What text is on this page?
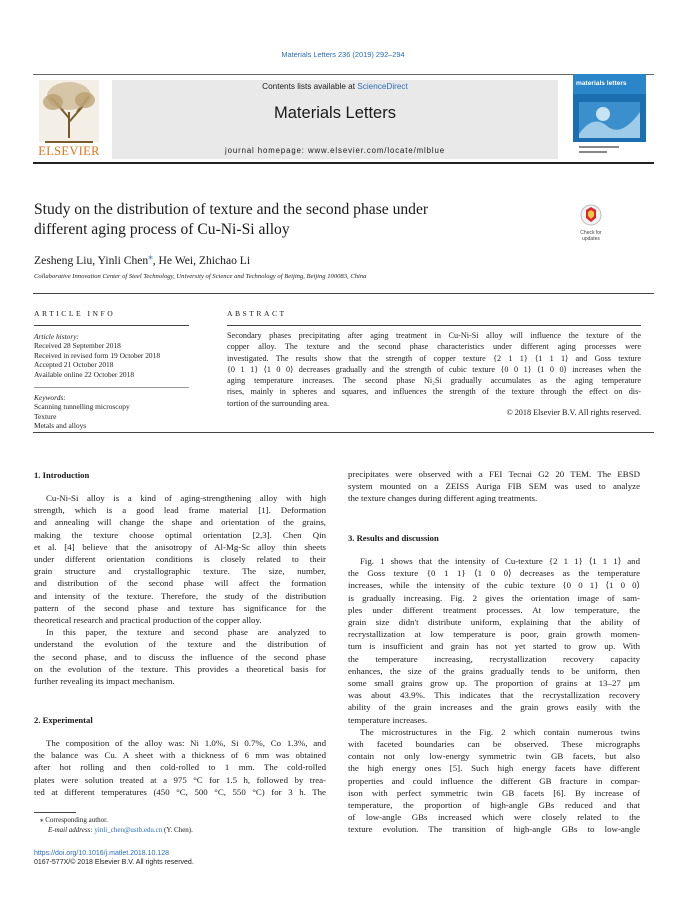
Materials Letters 236 (2019) 292–294
ELSEVIER
Contents lists available at ScienceDirect
Materials Letters
journal homepage: www.elsevier.com/locate/mlblue
materials letters
Study on the distribution of texture and the second phase under
different aging process of Cu-Ni-Si alloy	Check for
updates
Zesheng Liu, Yinli Chen⁎, He Wei, Zhichao Li
Collaborative Innovation Center of Steel Technology, University of Science and Technology of Beijing, Beijing 100083, China
ARTICLE INFO
Article history:
Received 28 September 2018
Received in revised form 19 October 2018
Accepted 21 October 2018
Available online 22 October 2018
Keywords:
Scanning tunnelling microscopy
Texture
Metals and alloys
ABSTRACT
Secondary phases precipitating after aging treatment in Cu-Ni-Si alloy will influence the texture of the
copper alloy. The texture and the second phase characteristics under different aging processes were
investigated. The results show that the strength of copper texture {2 1 1} ⟨1 1 1⟩ and Goss texture
{0 1 1} ⟨1 0 0⟩ decreases gradually and the strength of cubic texture {0 0 1} ⟨1 0 0⟩ increases when the
aging temperature increases. The second phase Ni₂Si gradually accumulates as the aging temperature
rises, mainly in spheres and squares, and influences the strength of the texture through the effect on dis-
tortion of the surrounding area.
© 2018 Elsevier B.V. All rights reserved.
1. Introduction
Cu-Ni-Si alloy is a kind of aging-strengthening alloy with high
strength, which is a good lead frame material [1]. Deformation
and annealing will change the shape and orientation of the grains,
making the texture choose optimal orientation [2,3]. Chen Qin
et al. [4] believe that the anisotropy of Al-Mg-Sc alloy thin sheets
under different orientation conditions is closely related to their
grain structure and crystallographic texture. The size, number,
and distribution of the second phase will affect the formation
and intensity of the texture. Therefore, the study of the distribution
pattern of the second phase and texture has significance for the
theoretical research and practical production of the copper alloy.
In this paper, the texture and second phase are analyzed to
understand the evolution of the texture and the distribution of
the second phase, and to discuss the influence of the second phase
on the evolution of the texture. This provides a theoretical basis for
further revealing its impact mechanism.
2. Experimental
The composition of the alloy was: Ni 1.0%, Si 0.7%, Co 1.3%, and
the balance was Cu. A sheet with a thickness of 6 mm was obtained
after hot rolling and then cold-rolled to 1 mm. The cold-rolled
plates were solution treated at a 975 °C for 1.5 h, followed by trea-
ted at different temperatures (450 °C, 500 °C, 550 °C) for 3 h. The
⁎ Corresponding author.
E-mail address: yinli_chen@ustb.edu.cn (Y. Chen).
https://doi.org/10.1016/j.matlet.2018.10.128
0167-577X/© 2018 Elsevier B.V. All rights reserved.
precipitates were observed with a FEI Tecnai G2 20 TEM. The EBSD
system mounted on a ZEISS Auriga FIB SEM was used to analyze
the texture changes during different aging treatments.
3. Results and discussion
Fig. 1 shows that the intensity of Cu-texture {2 1 1} ⟨1 1 1⟩ and
the Goss texture {0 1 1} ⟨1 0 0⟩ decreases as the temperature
increases, while the intensity of the cubic texture {0 0 1} ⟨1 0 0⟩
is gradually increasing. Fig. 2 gives the orientation image of sam-
ples under different treatment processes. At low temperature, the
grain size didn't distribute uniform, explaining that the ability of
recrystallization at low temperature is poor, grain growth momen-
tum is insufficient and grain has not yet started to grow up. With
the temperature increasing, recrystallization recovery capacity
enhances, the size of the grains gradually tends to be uniform, then
some small grains grow up. The proportion of grains at 13–27 μm
was about 43.9%. This indicates that the recrystallization recovery
ability of the grain increases and the grain grows easily with the
temperature increases.
The microstructures in the Fig. 2 which contain numerous twins
with faceted boundaries can be observed. These micrographs
contain not only low-energy symmetric twin GB facets, but also
the high energy ones [5]. Such high energy facets have different
properties and could influence the different GB fracture in compar-
ison with perfect symmetric twin GB facets [6]. By increase of
temperature, the proportion of high-angle GBs reduced and that
of low-angle GBs increased which were closely related to the
texture evolution. The transition of high-angle GBs to low-angle
